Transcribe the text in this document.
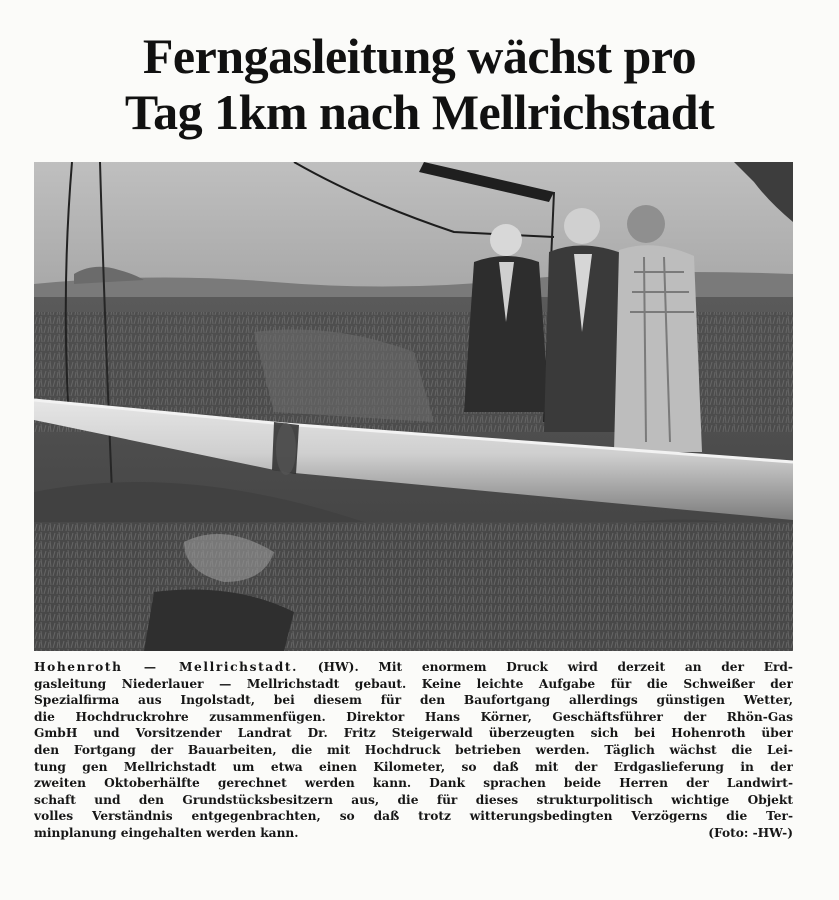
Ferngasleitung wächst pro
Tag 1km nach Mellrichstadt

Hohenroth — Mellrichstadt. (HW). Mit enormem Druck wird derzeit an der Erd-
gasleitung Niederlauer — Mellrichstadt gebaut. Keine leichte Aufgabe für die Schweißer der
Spezialfirma aus Ingolstadt, bei diesem für den Baufortgang allerdings günstigen Wetter,
die Hochdruckrohre zusammenfügen. Direktor Hans Körner, Geschäftsführer der Rhön-Gas
GmbH und Vorsitzender Landrat Dr. Fritz Steigerwald überzeugten sich bei Hohenroth über
den Fortgang der Bauarbeiten, die mit Hochdruck betrieben werden. Täglich wächst die Lei-
tung gen Mellrichstadt um etwa einen Kilometer, so daß mit der Erdgaslieferung in der
zweiten Oktoberhälfte gerechnet werden kann. Dank sprachen beide Herren der Landwirt-
schaft und den Grundstücksbesitzern aus, die für dieses strukturpolitisch wichtige Objekt
volles Verständnis entgegenbrachten, so daß trotz witterungsbedingten Verzögerns die Ter-
minplanung eingehalten werden kann.	(Foto: -HW-)
